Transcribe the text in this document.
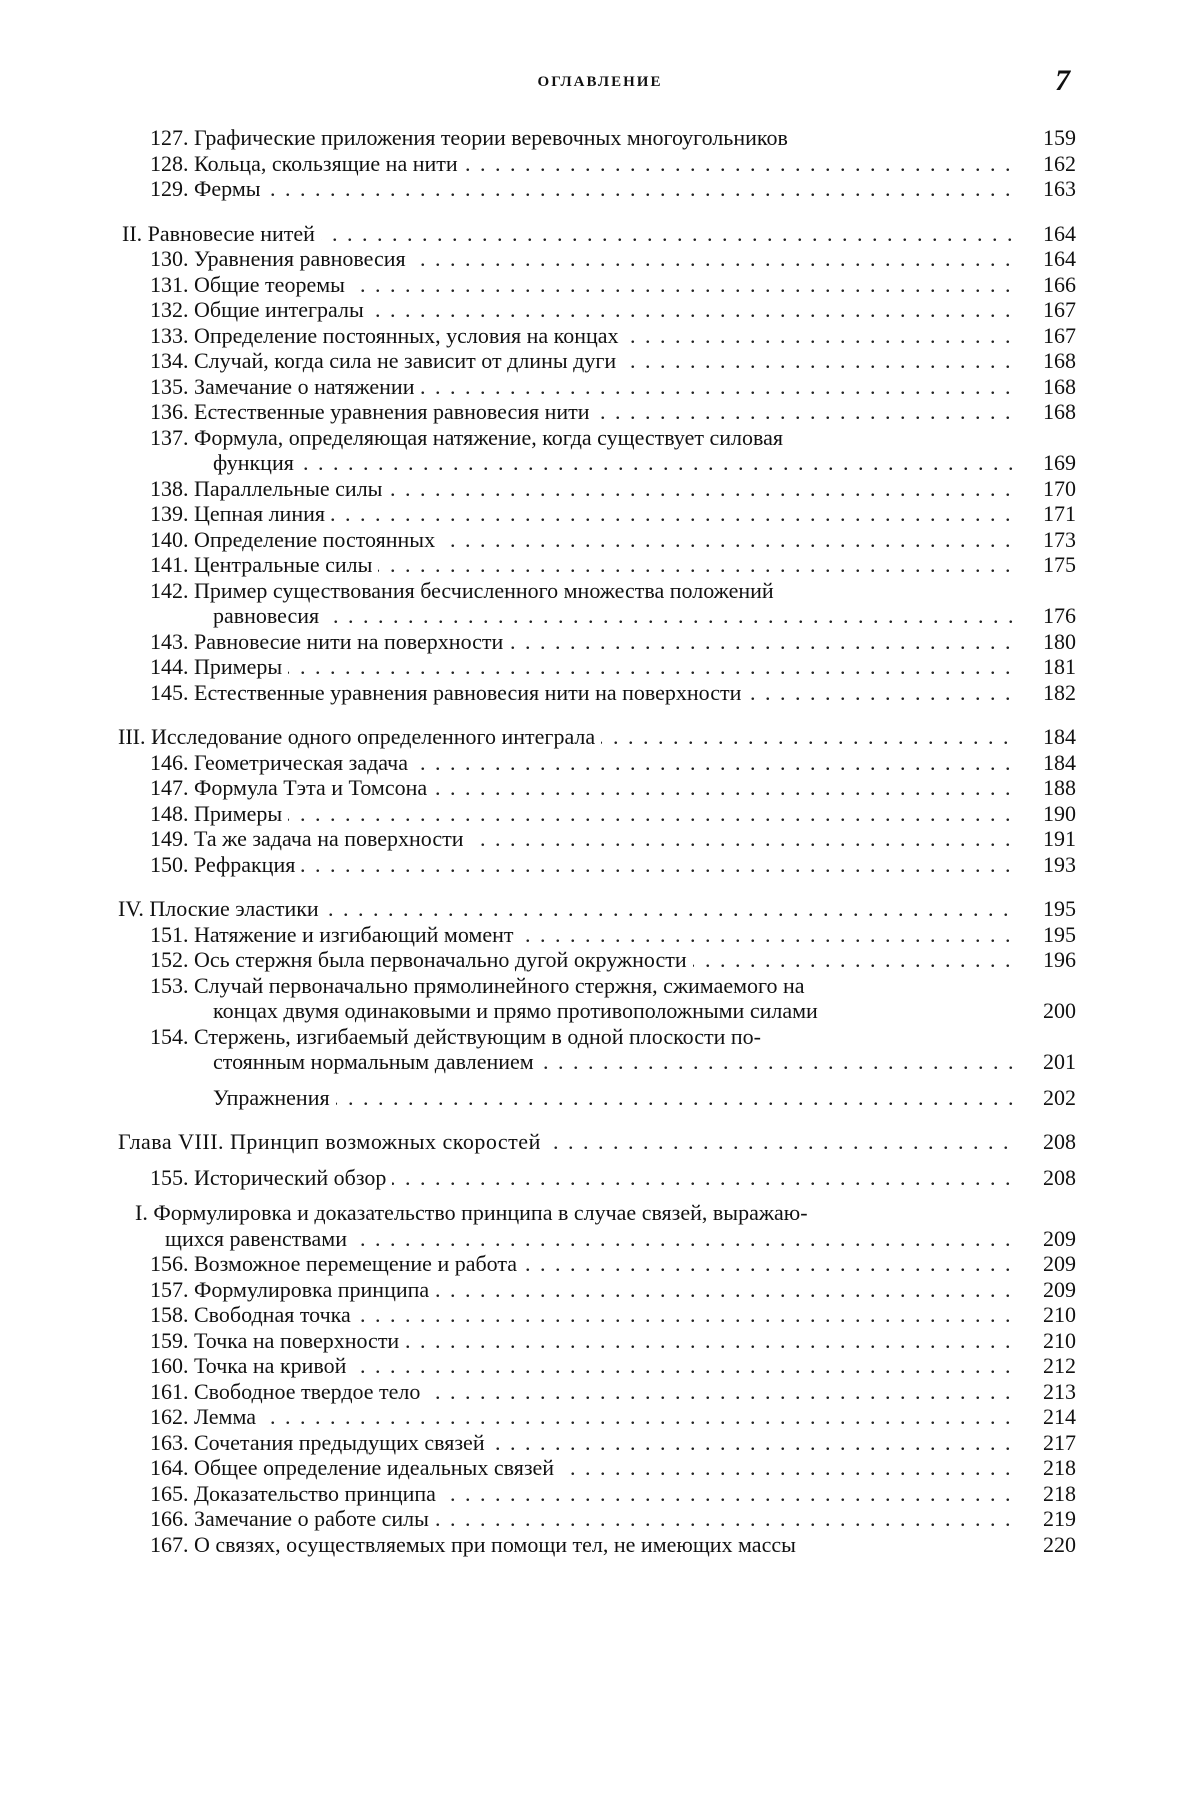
ОГЛАВЛЕНИЕ	7
127. Графические приложения теории веревочных многоугольников	159
128. Кольца, скользящие на нити . . .	162
129. Фермы . . .	163
II. Равновесие нитей . . .	164
130. Уравнения равновесия . . .	164
131. Общие теоремы . . .	166
132. Общие интегралы . . .	167
133. Определение постоянных, условия на концах . . .	167
134. Случай, когда сила не зависит от длины дуги . . .	168
135. Замечание о натяжении . . .	168
136. Естественные уравнения равновесия нити . . .	168
137. Формула, определяющая натяжение, когда существует силовая
функция . . .	169
138. Параллельные силы . . .	170
139. Цепная линия . . .	171
140. Определение постоянных . . .	173
141. Центральные силы . . .	175
142. Пример существования бесчисленного множества положений
равновесия . . .	176
143. Равновесие нити на поверхности . . .	180
144. Примеры . . .	181
145. Естественные уравнения равновесия нити на поверхности . . .	182
III. Исследование одного определенного интеграла . . .	184
146. Геометрическая задача . . .	184
147. Формула Тэта и Томсона . . .	188
148. Примеры . . .	190
149. Та же задача на поверхности . . .	191
150. Рефракция . . .	193
IV. Плоские эластики . . .	195
151. Натяжение и изгибающий момент . . .	195
152. Ось стержня была первоначально дугой окружности . . .	196
153. Случай первоначально прямолинейного стержня, сжимаемого на
концах двумя одинаковыми и прямо противоположными силами	200
154. Стержень, изгибаемый действующим в одной плоскости по-
стоянным нормальным давлением . . .	201
Упражнения . . .	202
Глава VIII. Принцип возможных скоростей . . .	208
155. Исторический обзор . . .	208
I. Формулировка и доказательство принципа в случае связей, выражаю-
щихся равенствами . . .	209
156. Возможное перемещение и работа . . .	209
157. Формулировка принципа . . .	209
158. Свободная точка . . .	210
159. Точка на поверхности . . .	210
160. Точка на кривой . . .	212
161. Свободное твердое тело . . .	213
162. Лемма . . .	214
163. Сочетания предыдущих связей . . .	217
164. Общее определение идеальных связей . . .	218
165. Доказательство принципа . . .	218
166. Замечание о работе силы . . .	219
167. О связях, осуществляемых при помощи тел, не имеющих массы	220
